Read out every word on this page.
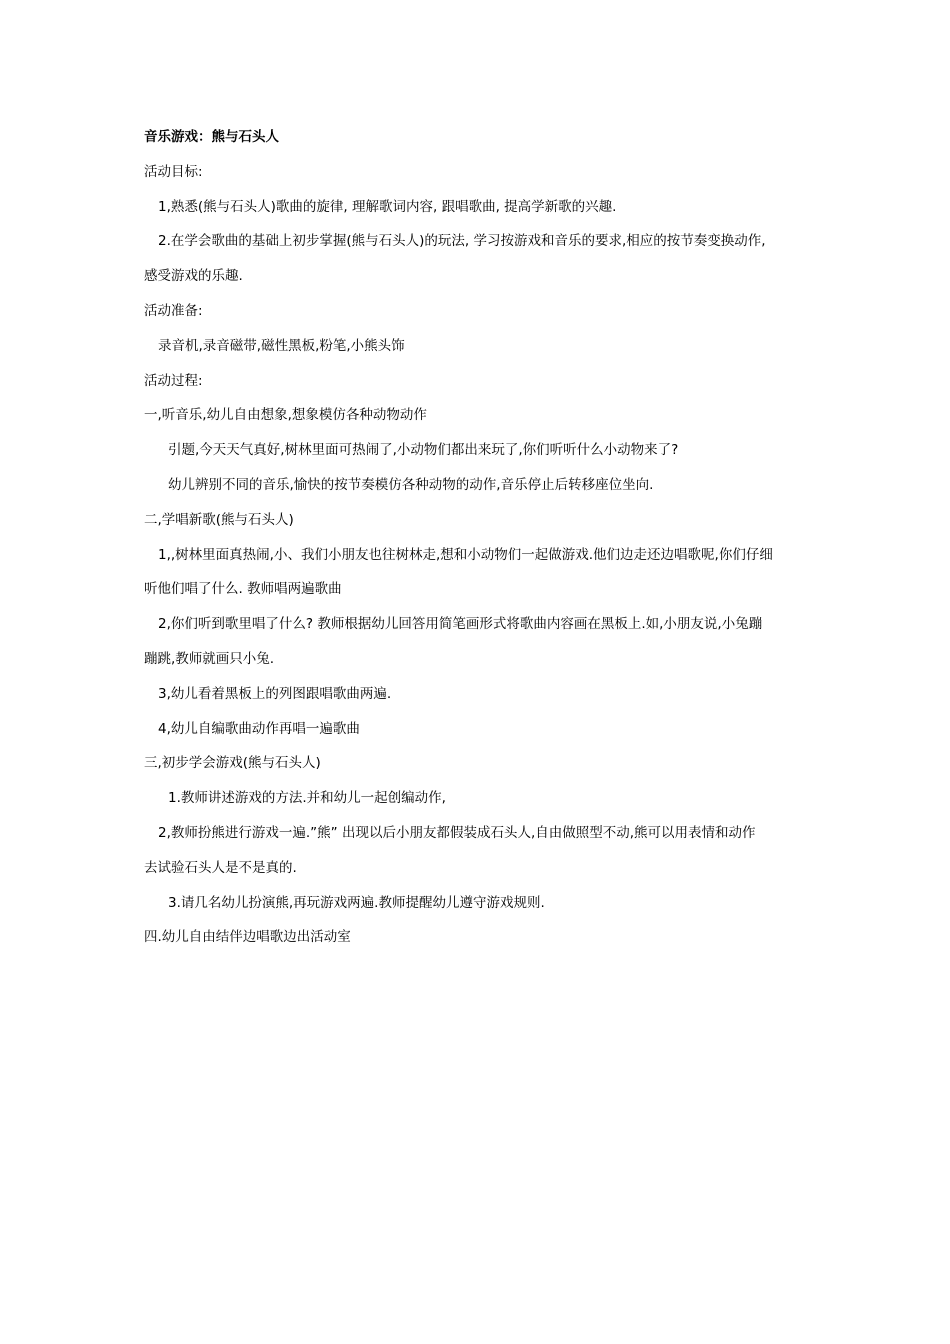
音乐游戏：熊与石头人
活动目标:
1,熟悉(熊与石头人)歌曲的旋律, 理解歌词内容, 跟唱歌曲, 提高学新歌的兴趣.
2.在学会歌曲的基础上初步掌握(熊与石头人)的玩法, 学习按游戏和音乐的要求,相应的按节奏变换动作,
感受游戏的乐趣.
活动准备:
录音机,录音磁带,磁性黑板,粉笔,小熊头饰
活动过程:
一,听音乐,幼儿自由想象,想象模仿各种动物动作
引题,今天天气真好,树林里面可热闹了,小动物们都出来玩了,你们听听什么小动物来了?
幼儿辨别不同的音乐,愉快的按节奏模仿各种动物的动作,音乐停止后转移座位坐向.
二,学唱新歌(熊与石头人)
1,,树林里面真热闹,小、我们小朋友也往树林走,想和小动物们一起做游戏.他们边走还边唱歌呢,你们仔细
听他们唱了什么. 教师唱两遍歌曲
2,你们听到歌里唱了什么? 教师根据幼儿回答用简笔画形式将歌曲内容画在黑板上.如,小朋友说,小兔蹦
蹦跳,教师就画只小兔.
3,幼儿看着黑板上的列图跟唱歌曲两遍.
4,幼儿自编歌曲动作再唱一遍歌曲
三,初步学会游戏(熊与石头人)
1.教师讲述游戏的方法.并和幼儿一起创编动作,
2,教师扮熊进行游戏一遍.”熊” 出现以后小朋友都假装成石头人,自由做照型不动,熊可以用表情和动作
去试验石头人是不是真的.
3.请几名幼儿扮演熊,再玩游戏两遍.教师提醒幼儿遵守游戏规则.
四.幼儿自由结伴边唱歌边出活动室
